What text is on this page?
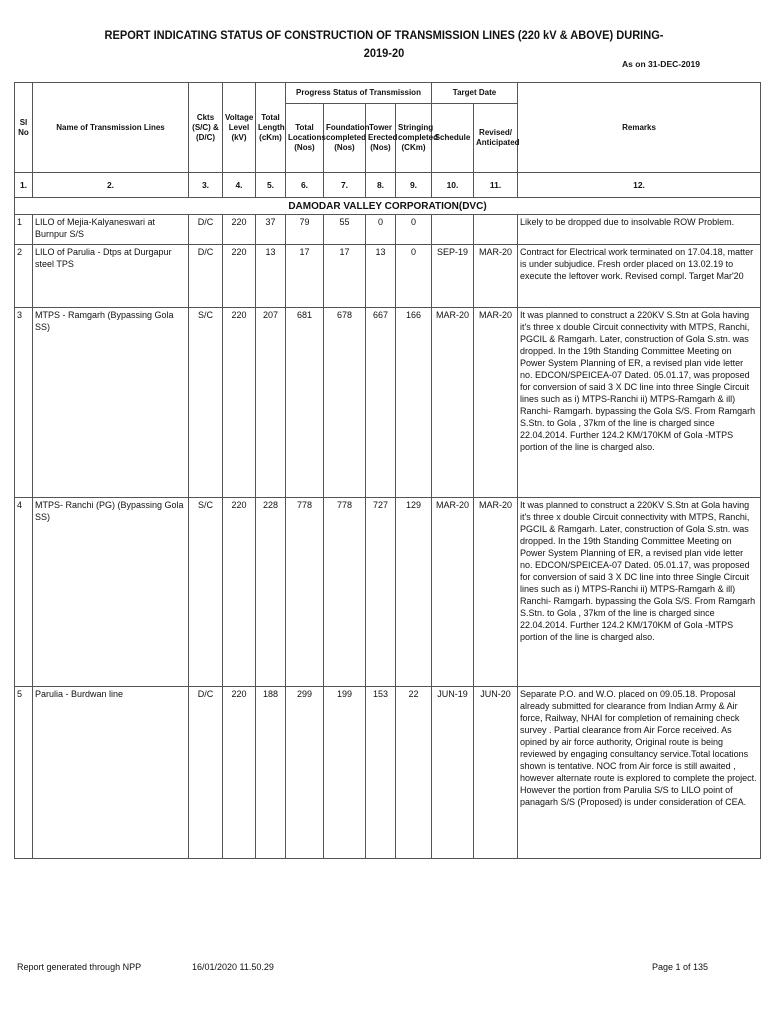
REPORT INDICATING STATUS OF CONSTRUCTION OF TRANSMISSION LINES (220 kV & ABOVE) DURING-
2019-20
As on 31-DEC-2019
Sl No	Name of Transmission Lines	Ckts (S/C) & (D/C)	Voltage Level (kV)	Total Length (cKm)	Progress Status of Transmission				Target Date		Remarks
					Total Locations (Nos)	Foundation completed (Nos)	Tower Erected (Nos)	Stringing completed (CKm)	Schedule	Revised/ Anticipated	
1.	2.	3.	4.	5.	6.	7.	8.	9.	10.	11.	12.
DAMODAR VALLEY CORPORATION(DVC)											
1	LILO of Mejia-Kalyaneswari at Burnpur S/S	D/C	220	37	79	55	0	0			Likely to be dropped due to insolvable ROW Problem.
2	LILO of Parulia - Dtps at Durgapur steel TPS	D/C	220	13	17	17	13	0	SEP-19	MAR-20	Contract for Electrical work terminated on 17.04.18, matter is under subjudice. Fresh order placed on 13.02.19 to execute the leftover work. Revised compl. Target Mar'20
3	MTPS - Ramgarh (Bypassing Gola SS)	S/C	220	207	681	678	667	166	MAR-20	MAR-20	It was planned to construct a 220KV S.Stn at Gola having it's three x double Circuit connectivity with MTPS, Ranchi, PGCIL & Ramgarh. Later, construction of Gola S.stn. was dropped. In the 19th Standing Committee Meeting on Power System Planning of ER, a revised plan vide letter no. EDCON/SPEICEA-07 Dated. 05.01.17, was proposed for conversion of said 3 X DC line into three Single Circuit lines such as i) MTPS-Ranchi ii) MTPS-Ramgarh & ill) Ranchi- Ramgarh. bypassing the Gola S/S. From Ramgarh S.Stn. to Gola , 37km of the line is charged since 22.04.2014. Further 124.2 KM/170KM of Gola -MTPS portion of the line is charged also.
4	MTPS- Ranchi (PG) (Bypassing Gola SS)	S/C	220	228	778	778	727	129	MAR-20	MAR-20	It was planned to construct a 220KV S.Stn at Gola having it's three x double Circuit connectivity with MTPS, Ranchi, PGCIL & Ramgarh. Later, construction of Gola S.stn. was dropped. In the 19th Standing Committee Meeting on Power System Planning of ER, a revised plan vide letter no. EDCON/SPEICEA-07 Dated. 05.01.17, was proposed for conversion of said 3 X DC line into three Single Circuit lines such as i) MTPS-Ranchi ii) MTPS-Ramgarh & ill) Ranchi- Ramgarh. bypassing the Gola S/S. From Ramgarh S.Stn. to Gola , 37km of the line is charged since 22.04.2014. Further 124.2 KM/170KM of Gola -MTPS portion of the line is charged also.
5	Parulia - Burdwan line	D/C	220	188	299	199	153	22	JUN-19	JUN-20	Separate P.O. and W.O. placed on 09.05.18. Proposal already submitted for clearance from Indian Army & Air force, Railway, NHAI for completion of remaining check survey . Partial clearance from Air Force received. As opined by air force authority, Original route is being reviewed by engaging consultancy service.Total locations shown is tentative. NOC from Air force is still awaited , however alternate route is explored to complete the project. However the portion from Parulia S/S to LILO point of panagarh S/S (Proposed) is under consideration of CEA.
Report generated through NPP	16/01/2020 11.50.29	Page 1 of 135
